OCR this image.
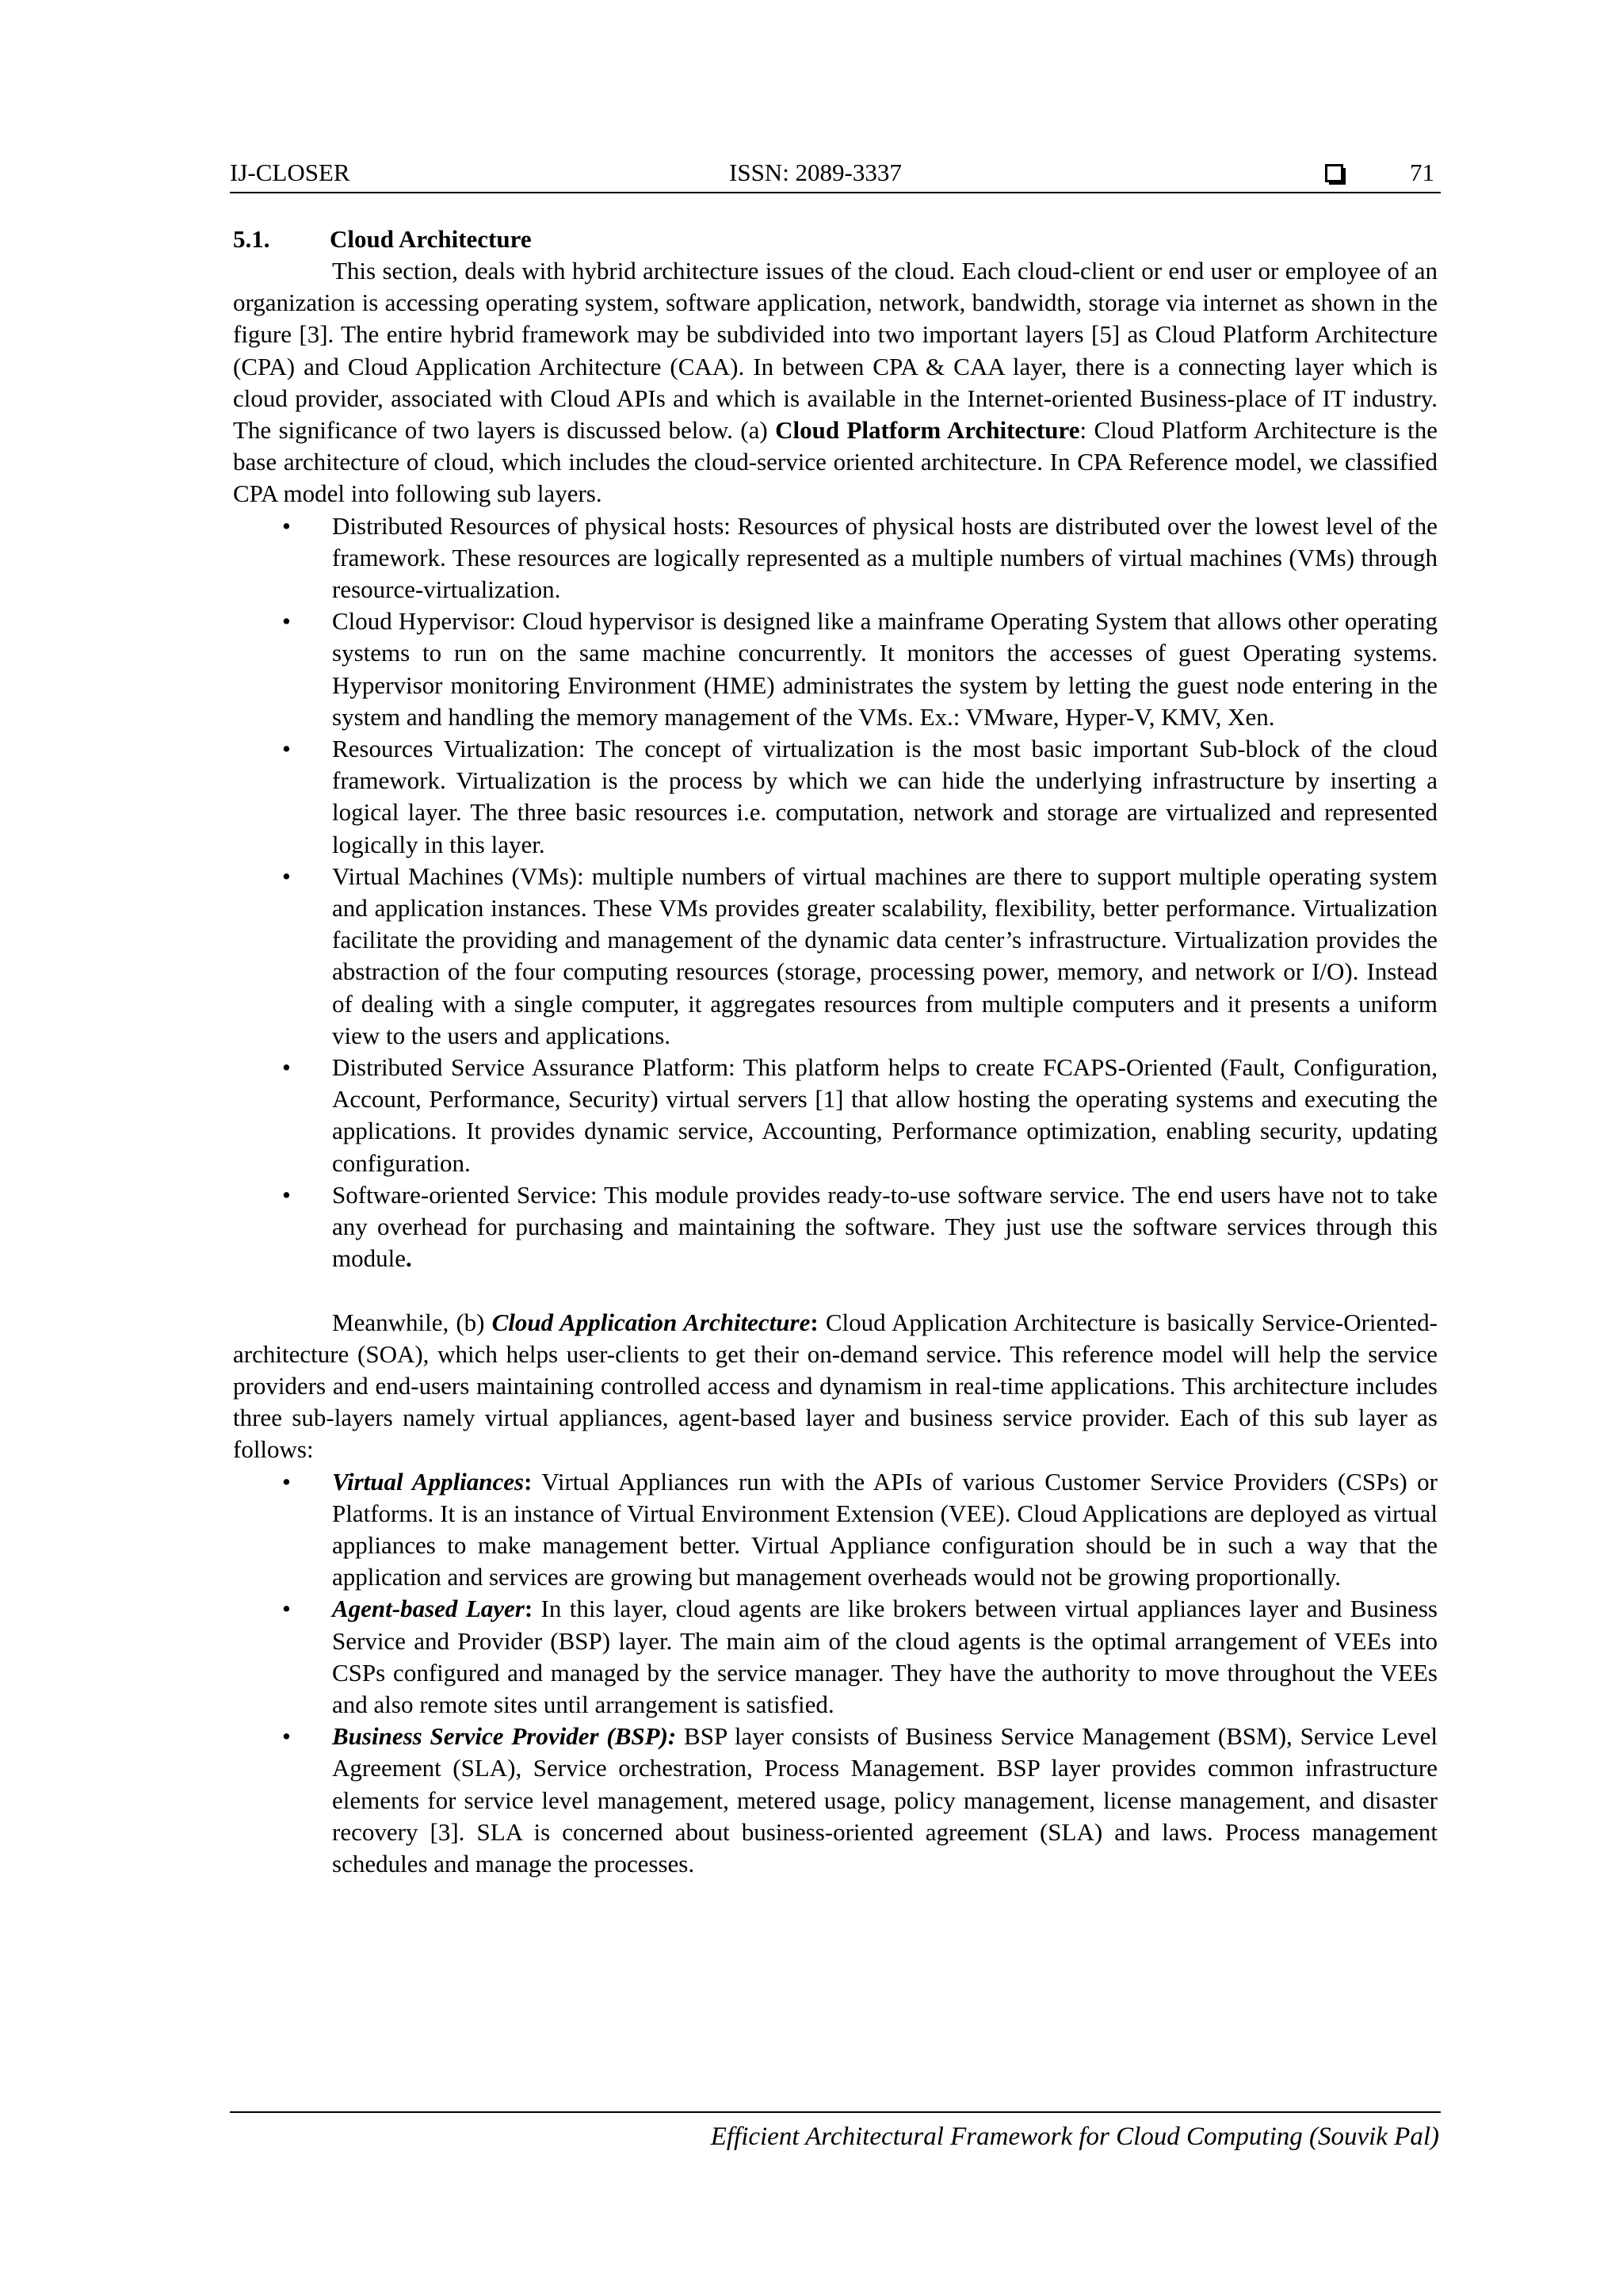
IJ-CLOSER	ISSN: 2089-3337	71
5.1. Cloud Architecture

This section, deals with hybrid architecture issues of the cloud. Each cloud-client or end user or employee of an organization is accessing operating system, software application, network, bandwidth, storage via internet as shown in the figure [3]. The entire hybrid framework may be subdivided into two important layers [5] as Cloud Platform Architecture (CPA) and Cloud Application Architecture (CAA). In between CPA & CAA layer, there is a connecting layer which is cloud provider, associated with Cloud APIs and which is available in the Internet-oriented Business-place of IT industry. The significance of two layers is discussed below. (a) Cloud Platform Architecture: Cloud Platform Architecture is the base architecture of cloud, which includes the cloud-service oriented architecture. In CPA Reference model, we classified CPA model into following sub layers.

• Distributed Resources of physical hosts: Resources of physical hosts are distributed over the lowest level of the framework. These resources are logically represented as a multiple numbers of virtual machines (VMs) through resource-virtualization.
• Cloud Hypervisor: Cloud hypervisor is designed like a mainframe Operating System that allows other operating systems to run on the same machine concurrently. It monitors the accesses of guest Operating systems. Hypervisor monitoring Environment (HME) administrates the system by letting the guest node entering in the system and handling the memory management of the VMs. Ex.: VMware, Hyper-V, KMV, Xen.
• Resources Virtualization: The concept of virtualization is the most basic important Sub-block of the cloud framework. Virtualization is the process by which we can hide the underlying infrastructure by inserting a logical layer. The three basic resources i.e. computation, network and storage are virtualized and represented logically in this layer.
• Virtual Machines (VMs): multiple numbers of virtual machines are there to support multiple operating system and application instances. These VMs provides greater scalability, flexibility, better performance. Virtualization facilitate the providing and management of the dynamic data center’s infrastructure. Virtualization provides the abstraction of the four computing resources (storage, processing power, memory, and network or I/O). Instead of dealing with a single computer, it aggregates resources from multiple computers and it presents a uniform view to the users and applications.
• Distributed Service Assurance Platform: This platform helps to create FCAPS-Oriented (Fault, Configuration, Account, Performance, Security) virtual servers [1] that allow hosting the operating systems and executing the applications. It provides dynamic service, Accounting, Performance optimization, enabling security, updating configuration.
• Software-oriented Service: This module provides ready-to-use software service. The end users have not to take any overhead for purchasing and maintaining the software. They just use the software services through this module.

Meanwhile, (b) Cloud Application Architecture: Cloud Application Architecture is basically Service-Oriented-architecture (SOA), which helps user-clients to get their on-demand service. This reference model will help the service providers and end-users maintaining controlled access and dynamism in real-time applications. This architecture includes three sub-layers namely virtual appliances, agent-based layer and business service provider. Each of this sub layer as follows:

• Virtual Appliances: Virtual Appliances run with the APIs of various Customer Service Providers (CSPs) or Platforms. It is an instance of Virtual Environment Extension (VEE). Cloud Applications are deployed as virtual appliances to make management better. Virtual Appliance configuration should be in such a way that the application and services are growing but management overheads would not be growing proportionally.
• Agent-based Layer: In this layer, cloud agents are like brokers between virtual appliances layer and Business Service and Provider (BSP) layer. The main aim of the cloud agents is the optimal arrangement of VEEs into CSPs configured and managed by the service manager. They have the authority to move throughout the VEEs and also remote sites until arrangement is satisfied.
• Business Service Provider (BSP): BSP layer consists of Business Service Management (BSM), Service Level Agreement (SLA), Service orchestration, Process Management. BSP layer provides common infrastructure elements for service level management, metered usage, policy management, license management, and disaster recovery [3]. SLA is concerned about business-oriented agreement (SLA) and laws. Process management schedules and manage the processes.
Efficient Architectural Framework for Cloud Computing (Souvik Pal)
